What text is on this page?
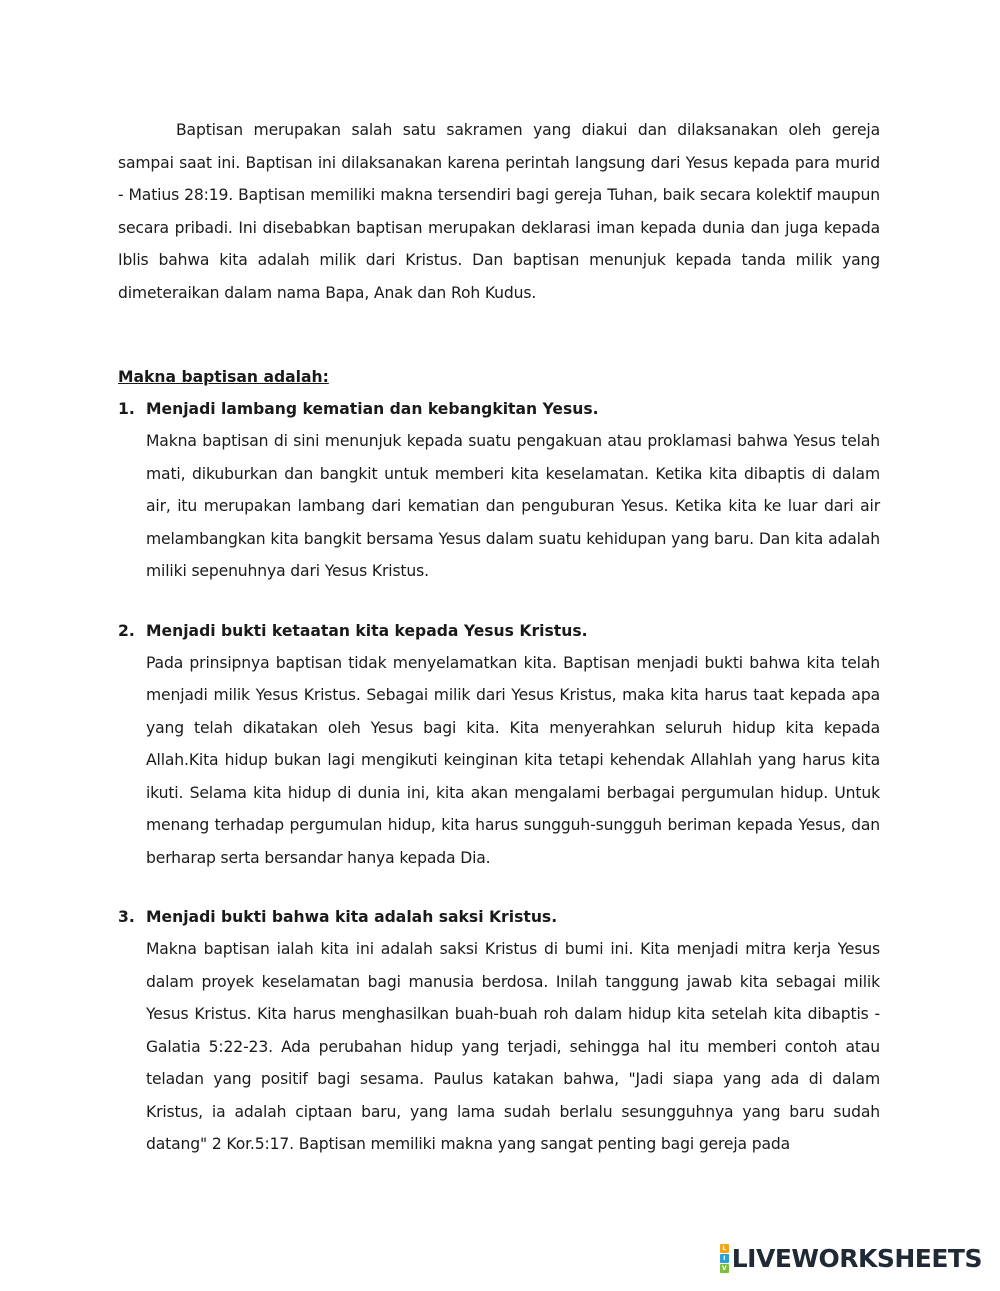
Baptisan merupakan salah satu sakramen yang diakui dan dilaksanakan oleh gereja sampai saat ini. Baptisan ini dilaksanakan karena perintah langsung dari Yesus kepada para murid - Matius 28:19. Baptisan memiliki makna tersendiri bagi gereja Tuhan, baik secara kolektif maupun secara pribadi. Ini disebabkan baptisan merupakan deklarasi iman kepada dunia dan juga kepada Iblis bahwa kita adalah milik dari Kristus. Dan baptisan menunjuk kepada tanda milik yang dimeteraikan dalam nama Bapa, Anak dan Roh Kudus.

Makna baptisan adalah:

1. Menjadi lambang kematian dan kebangkitan Yesus.

Makna baptisan di sini menunjuk kepada suatu pengakuan atau proklamasi bahwa Yesus telah mati, dikuburkan dan bangkit untuk memberi kita keselamatan. Ketika kita dibaptis di dalam air, itu merupakan lambang dari kematian dan penguburan Yesus. Ketika kita ke luar dari air melambangkan kita bangkit bersama Yesus dalam suatu kehidupan yang baru. Dan kita adalah miliki sepenuhnya dari Yesus Kristus.

2. Menjadi bukti ketaatan kita kepada Yesus Kristus.

Pada prinsipnya baptisan tidak menyelamatkan kita. Baptisan menjadi bukti bahwa kita telah menjadi milik Yesus Kristus. Sebagai milik dari Yesus Kristus, maka kita harus taat kepada apa yang telah dikatakan oleh Yesus bagi kita. Kita menyerahkan seluruh hidup kita kepada Allah.Kita hidup bukan lagi mengikuti keinginan kita tetapi kehendak Allahlah yang harus kita ikuti. Selama kita hidup di dunia ini, kita akan mengalami berbagai pergumulan hidup. Untuk menang terhadap pergumulan hidup, kita harus sungguh-sungguh beriman kepada Yesus, dan berharap serta bersandar hanya kepada Dia.

3. Menjadi bukti bahwa kita adalah saksi Kristus.

Makna baptisan ialah kita ini adalah saksi Kristus di bumi ini. Kita menjadi mitra kerja Yesus dalam proyek keselamatan bagi manusia berdosa. Inilah tanggung jawab kita sebagai milik Yesus Kristus. Kita harus menghasilkan buah-buah roh dalam hidup kita setelah kita dibaptis - Galatia 5:22-23. Ada perubahan hidup yang terjadi, sehingga hal itu memberi contoh atau teladan yang positif bagi sesama. Paulus katakan bahwa, "Jadi siapa yang ada di dalam Kristus, ia adalah ciptaan baru, yang lama sudah berlalu sesungguhnya yang baru sudah datang" 2 Kor.5:17. Baptisan memiliki makna yang sangat penting bagi gereja pada

L
I
V LIVEWORKSHEETS
